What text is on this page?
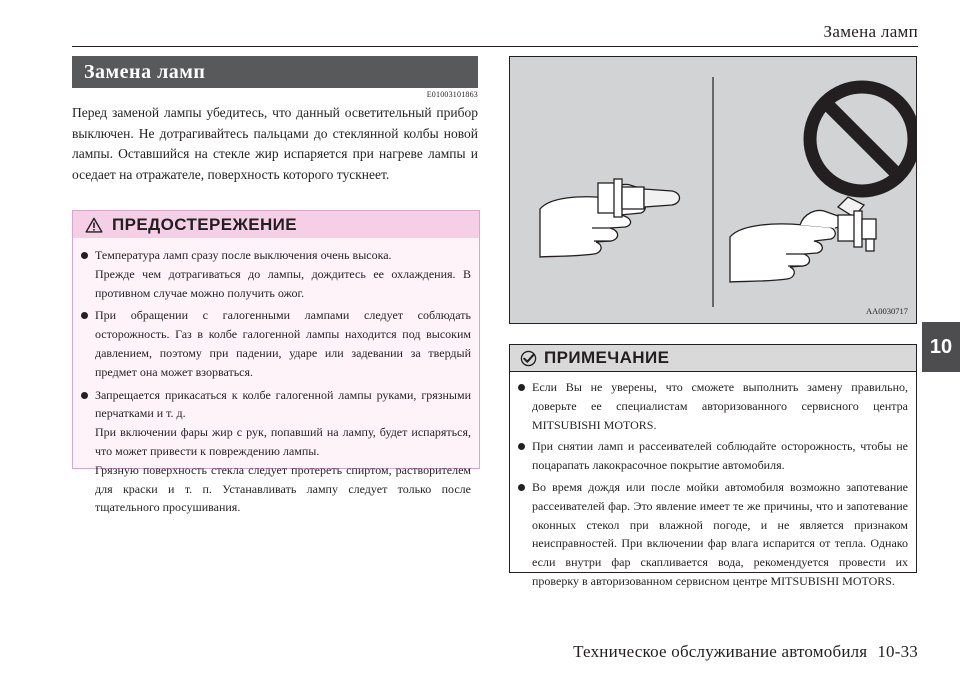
Замена ламп
10
Замена ламп
E01003101863

Перед заменой лампы убедитесь, что данный осветительный прибор выключен. Не дотрагивайтесь пальцами до стеклянной колбы новой лампы. Оставшийся на стекле жир испаряется при нагреве лампы и оседает на отражателе, поверхность которого тускнеет.

ПРЕДОСТЕРЕЖЕНИЕ

Температура ламп сразу после выключения очень высока.

Прежде чем дотрагиваться до лампы, дождитесь ее охлаждения. В противном случае можно получить ожог.

При обращении с галогенными лампами следует соблюдать осторожность. Газ в колбе галогенной лампы находится под высоким давлением, поэтому при падении, ударе или задевании за твердый предмет она может взорваться.

Запрещается прикасаться к колбе галогенной лампы руками, грязными перчатками и т. д.

При включении фары жир с рук, попавший на лампу, будет испаряться, что может привести к повреждению лампы.

Грязную поверхность стекла следует протереть спиртом, растворителем для краски и т. п. Устанавливать лампу следует только после тщательного просушивания.

AA0030717
ПРИМЕЧАНИЕ

Если Вы не уверены, что сможете выполнить замену правильно, доверьте ее специалистам авторизованного сервисного центра MITSUBISHI MOTORS.

При снятии ламп и рассеивателей соблюдайте осторожность, чтобы не поцарапать лакокрасочное покрытие автомобиля.

Во время дождя или после мойки автомобиля возможно запотевание рассеивателей фар. Это явление имеет те же причины, что и запотевание оконных стекол при влажной погоде, и не является признаком неисправностей. При включении фар влага испарится от тепла. Однако если внутри фар скапливается вода, рекомендуется провести их проверку в авторизованном сервисном центре MITSUBISHI MOTORS.

Техническое обслуживание автомобиля 10-33
